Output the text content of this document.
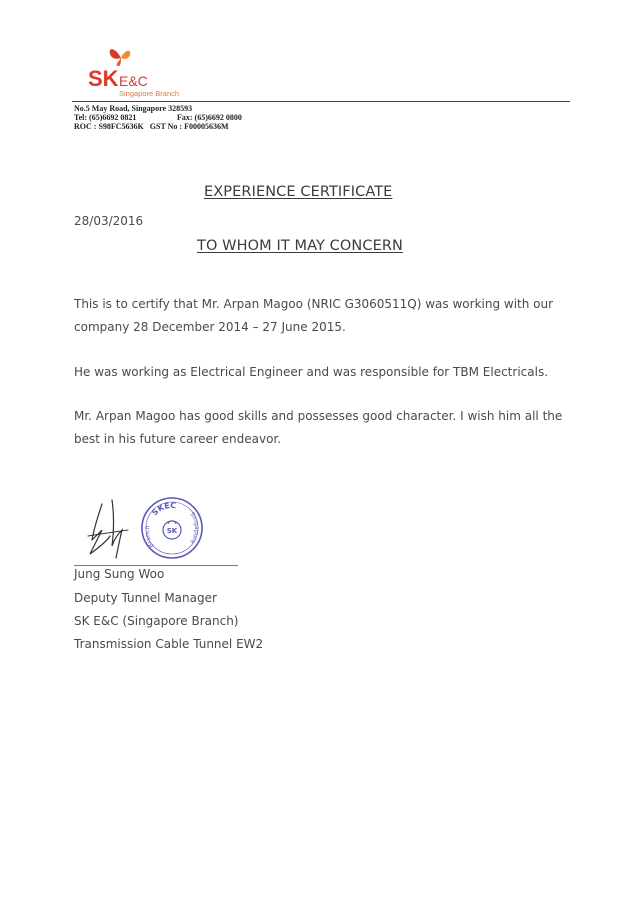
SK E&C
Singapore Branch
No.5 May Road, Singapore 328593
Tel: (65)6692 0821	Fax: (65)6692 0800
ROC : S98FC5636K   GST No : F00005636M
EXPERIENCE CERTIFICATE
28/03/2016
TO WHOM IT MAY CONCERN
This is to certify that Mr. Arpan Magoo (NRIC G3060511Q) was working with our company 28 December 2014 – 27 June 2015.
He was working as Electrical Engineer and was responsible for TBM Electricals.
Mr. Arpan Magoo has good skills and possesses good character. I wish him all the best in his future career endeavor.
SKEC
Singapore
Branch	SK
Jung Sung Woo
Deputy Tunnel Manager
SK E&C (Singapore Branch)
Transmission Cable Tunnel EW2
